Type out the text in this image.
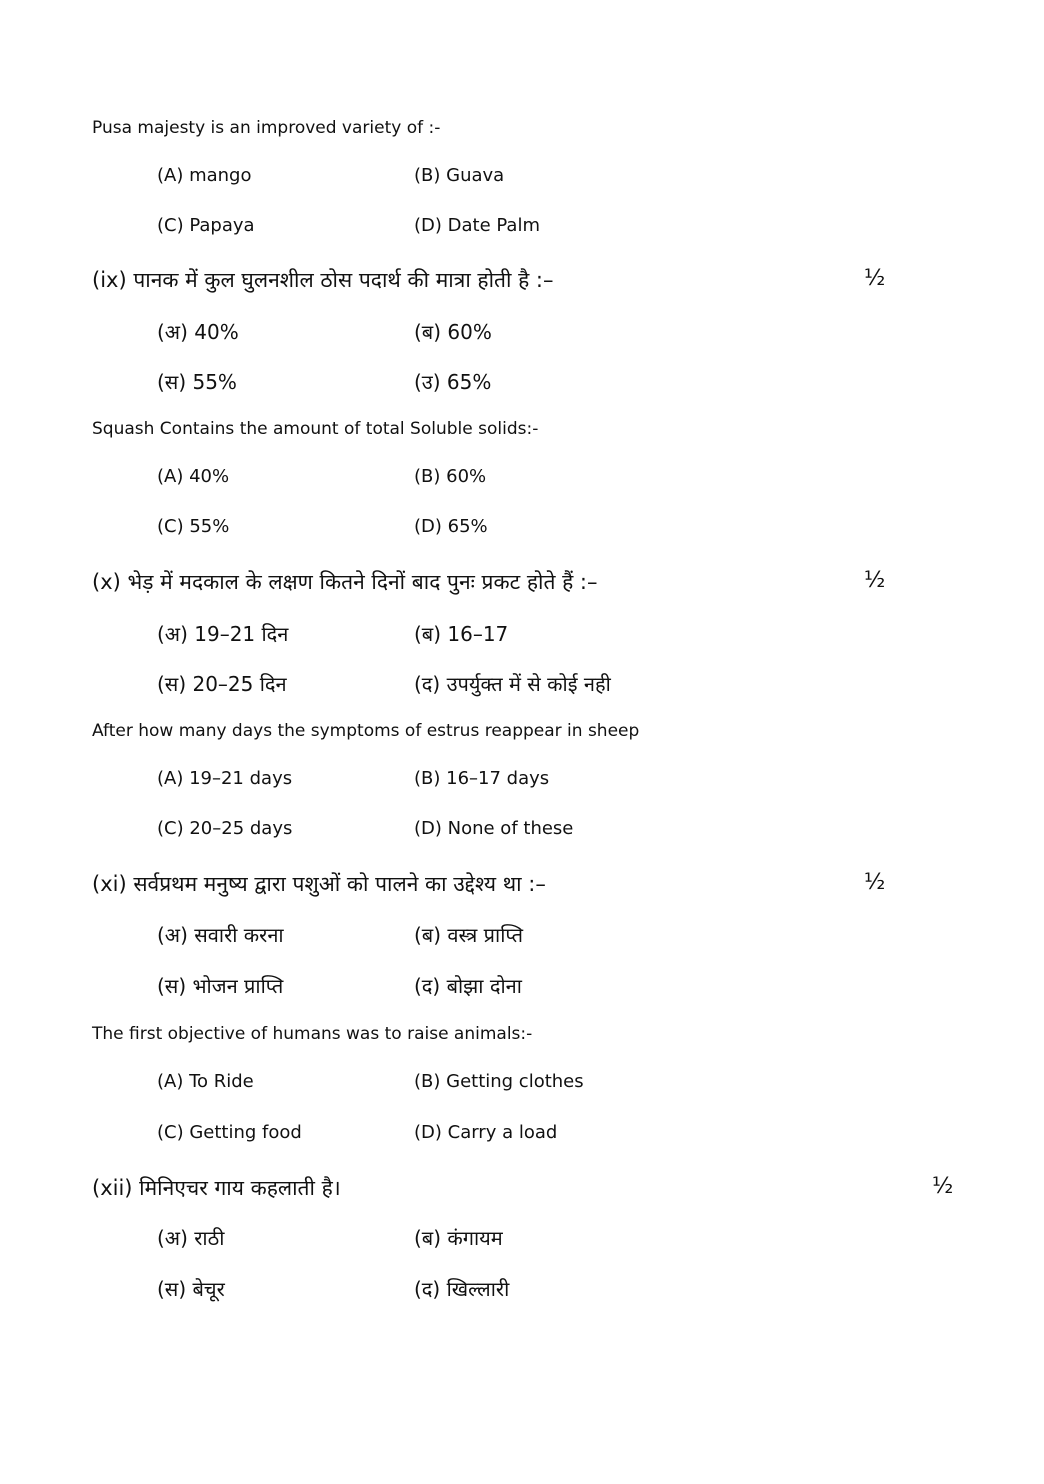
Pusa majesty is an improved variety of :-
(A) mango	(B) Guava
(C) Papaya	(D) Date Palm
(ix) पानक में कुल घुलनशील ठोस पदार्थ की मात्रा होती है :–	½
(अ) 40%	(ब) 60%
(स) 55%	(उ) 65%
Squash Contains the amount of total Soluble solids:-
(A) 40%	(B) 60%
(C) 55%	(D) 65%
(x) भेड़ में मदकाल के लक्षण कितने दिनों बाद पुनः प्रकट होते हैं :–	½
(अ) 19–21 दिन	(ब) 16–17
(स) 20–25 दिन	(द) उपर्युक्त में से कोई नही
After how many days the symptoms of estrus reappear in sheep
(A) 19–21 days	(B) 16–17 days
(C) 20–25 days	(D) None of these
(xi) सर्वप्रथम मनुष्य द्वारा पशुओं को पालने का उद्देश्य था :–	½
(अ) सवारी करना	(ब) वस्त्र प्राप्ति
(स) भोजन प्राप्ति	(द) बोझा दोना
The first objective of humans was to raise animals:-
(A) To Ride	(B) Getting clothes
(C) Getting food	(D) Carry a load
(xii) मिनिएचर गाय कहलाती है।	½
(अ) राठी	(ब) कंगायम
(स) बेचूर	(द) खिल्लारी
